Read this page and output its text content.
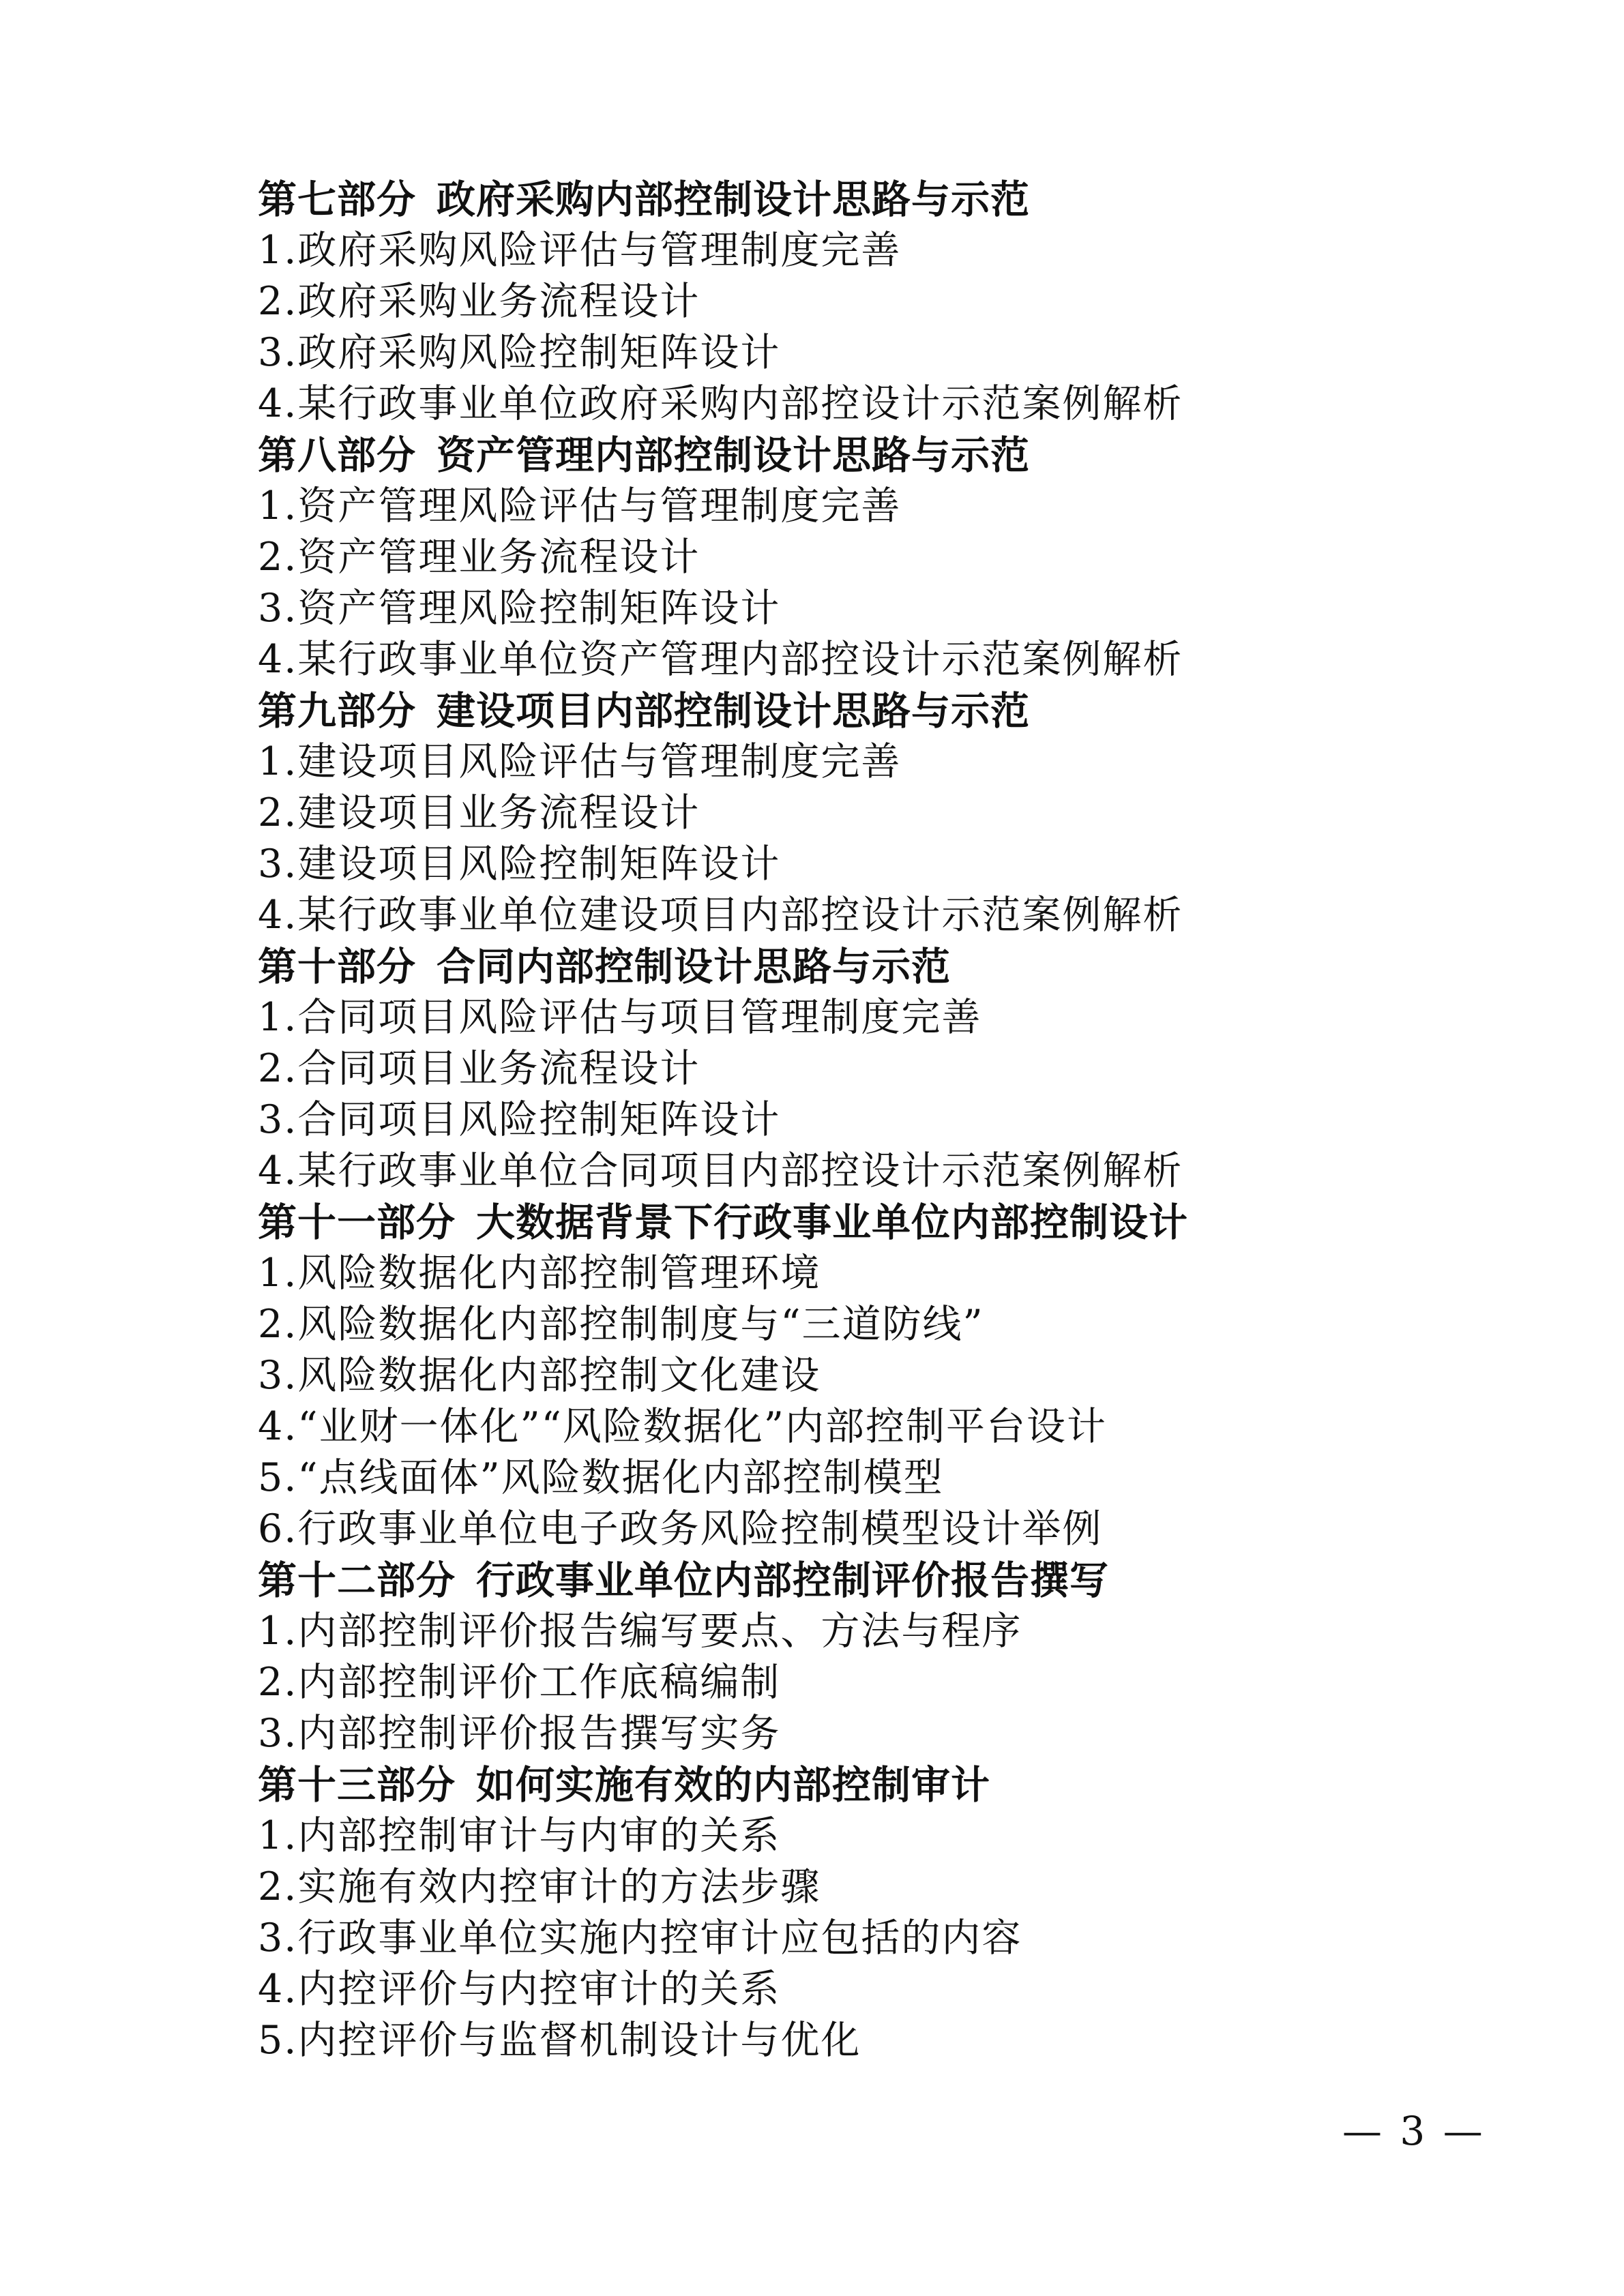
第七部分 政府采购内部控制设计思路与示范
1.政府采购风险评估与管理制度完善
2.政府采购业务流程设计
3.政府采购风险控制矩阵设计
4.某行政事业单位政府采购内部控设计示范案例解析
第八部分 资产管理内部控制设计思路与示范
1.资产管理风险评估与管理制度完善
2.资产管理业务流程设计
3.资产管理风险控制矩阵设计
4.某行政事业单位资产管理内部控设计示范案例解析
第九部分 建设项目内部控制设计思路与示范
1.建设项目风险评估与管理制度完善
2.建设项目业务流程设计
3.建设项目风险控制矩阵设计
4.某行政事业单位建设项目内部控设计示范案例解析
第十部分 合同内部控制设计思路与示范
1.合同项目风险评估与项目管理制度完善
2.合同项目业务流程设计
3.合同项目风险控制矩阵设计
4.某行政事业单位合同项目内部控设计示范案例解析
第十一部分 大数据背景下行政事业单位内部控制设计
1.风险数据化内部控制管理环境
2.风险数据化内部控制制度与“三道防线”
3.风险数据化内部控制文化建设
4.“业财一体化”“风险数据化”内部控制平台设计
5.“点线面体”风险数据化内部控制模型
6.行政事业单位电子政务风险控制模型设计举例
第十二部分 行政事业单位内部控制评价报告撰写
1.内部控制评价报告编写要点、方法与程序
2.内部控制评价工作底稿编制
3.内部控制评价报告撰写实务
第十三部分 如何实施有效的内部控制审计
1.内部控制审计与内审的关系
2.实施有效内控审计的方法步骤
3.行政事业单位实施内控审计应包括的内容
4.内控评价与内控审计的关系
5.内控评价与监督机制设计与优化
— 3 —
